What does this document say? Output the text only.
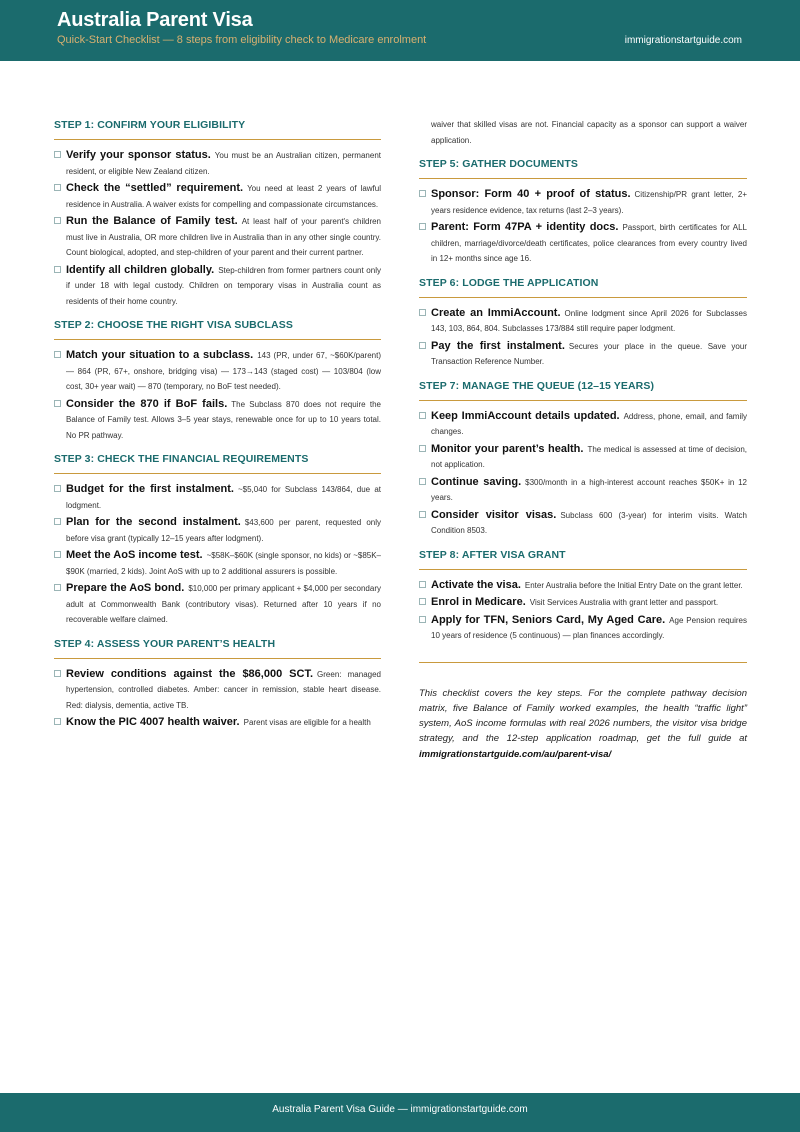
Australia Parent Visa
Quick-Start Checklist — 8 steps from eligibility check to Medicare enrolment	immigrationstartguide.com
STEP 1: CONFIRM YOUR ELIGIBILITY
Verify your sponsor status. You must be an Australian citizen, permanent resident, or eligible New Zealand citizen.
Check the “settled” requirement. You need at least 2 years of lawful residence in Australia. A waiver exists for compelling and compassionate circumstances.
Run the Balance of Family test. At least half of your parent's children must live in Australia, OR more children live in Australia than in any other single country. Count biological, adopted, and step-children of your parent and their current partner.
Identify all children globally. Step-children from former partners count only if under 18 with legal custody. Children on temporary visas in Australia count as residents of their home country.
STEP 2: CHOOSE THE RIGHT VISA SUBCLASS
Match your situation to a subclass. 143 (PR, under 67, ~$60K/parent) — 864 (PR, 67+, onshore, bridging visa) — 173→143 (staged cost) — 103/804 (low cost, 30+ year wait) — 870 (temporary, no BoF test needed).
Consider the 870 if BoF fails. The Subclass 870 does not require the Balance of Family test. Allows 3–5 year stays, renewable once for up to 10 years total. No PR pathway.
STEP 3: CHECK THE FINANCIAL REQUIREMENTS
Budget for the first instalment. ~$5,040 for Subclass 143/864, due at lodgment.
Plan for the second instalment. $43,600 per parent, requested only before visa grant (typically 12–15 years after lodgment).
Meet the AoS income test. ~$58K–$60K (single sponsor, no kids) or ~$85K–$90K (married, 2 kids). Joint AoS with up to 2 additional assurers is possible.
Prepare the AoS bond. $10,000 per primary applicant + $4,000 per secondary adult at Commonwealth Bank (contributory visas). Returned after 10 years if no recoverable welfare claimed.
STEP 4: ASSESS YOUR PARENT’S HEALTH
Review conditions against the $86,000 SCT. Green: managed hypertension, controlled diabetes. Amber: cancer in remission, stable heart disease. Red: dialysis, dementia, active TB.
Know the PIC 4007 health waiver. Parent visas are eligible for a health
waiver that skilled visas are not. Financial capacity as a sponsor can support a waiver application.
STEP 5: GATHER DOCUMENTS
Sponsor: Form 40 + proof of status. Citizenship/PR grant letter, 2+ years residence evidence, tax returns (last 2–3 years).
Parent: Form 47PA + identity docs. Passport, birth certificates for ALL children, marriage/divorce/death certificates, police clearances from every country lived in 12+ months since age 16.
STEP 6: LODGE THE APPLICATION
Create an ImmiAccount. Online lodgment since April 2026 for Subclasses 143, 103, 864, 804. Subclasses 173/884 still require paper lodgment.
Pay the first instalment. Secures your place in the queue. Save your Transaction Reference Number.
STEP 7: MANAGE THE QUEUE (12–15 YEARS)
Keep ImmiAccount details updated. Address, phone, email, and family changes.
Monitor your parent’s health. The medical is assessed at time of decision, not application.
Continue saving. $300/month in a high-interest account reaches $50K+ in 12 years.
Consider visitor visas. Subclass 600 (3-year) for interim visits. Watch Condition 8503.
STEP 8: AFTER VISA GRANT
Activate the visa. Enter Australia before the Initial Entry Date on the grant letter.
Enrol in Medicare. Visit Services Australia with grant letter and passport.
Apply for TFN, Seniors Card, My Aged Care. Age Pension requires 10 years of residence (5 continuous) — plan finances accordingly.
This checklist covers the key steps. For the complete pathway decision matrix, five Balance of Family worked examples, the health “traffic light” system, AoS income formulas with real 2026 numbers, the visitor visa bridge strategy, and the 12-step application roadmap, get the full guide at immigrationstartguide.com/au/parent-visa/
Australia Parent Visa Guide — immigrationstartguide.com
